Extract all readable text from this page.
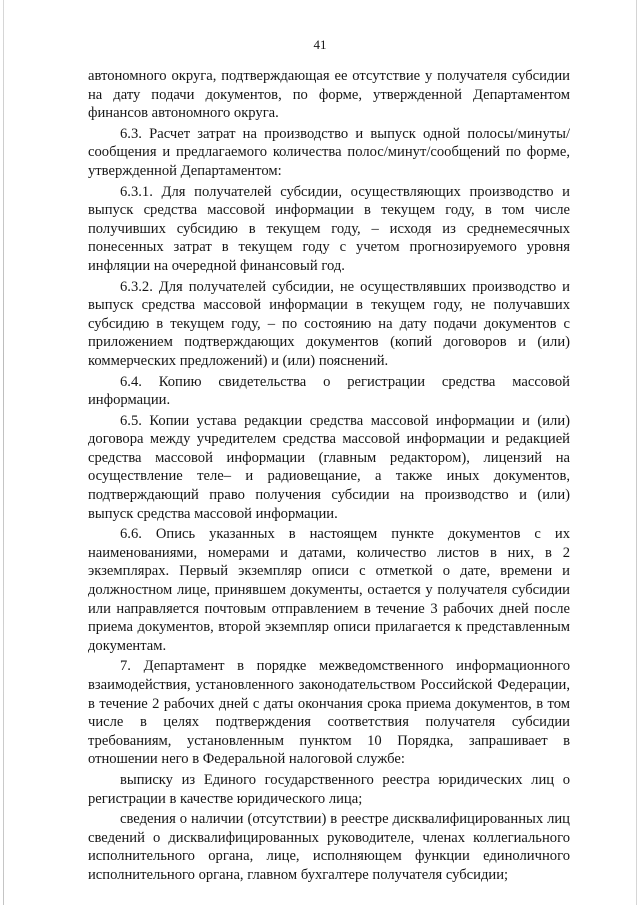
41

автономного округа, подтверждающая ее отсутствие у получателя субсидии на дату подачи документов, по форме, утвержденной Департаментом финансов автономного округа.

6.3. Расчет затрат на производство и выпуск одной полосы/минуты/сообщения и предлагаемого количества полос/минут/сообщений по форме, утвержденной Департаментом:

6.3.1. Для получателей субсидии, осуществляющих производство и выпуск средства массовой информации в текущем году, в том числе получивших субсидию в текущем году, – исходя из среднемесячных понесенных затрат в текущем году с учетом прогнозируемого уровня инфляции на очередной финансовый год.

6.3.2. Для получателей субсидии, не осуществлявших производство и выпуск средства массовой информации в текущем году, не получавших субсидию в текущем году, – по состоянию на дату подачи документов с приложением подтверждающих документов (копий договоров и (или) коммерческих предложений) и (или) пояснений.

6.4. Копию свидетельства о регистрации средства массовой информации.

6.5. Копии устава редакции средства массовой информации и (или) договора между учредителем средства массовой информации и редакцией средства массовой информации (главным редактором), лицензий на осуществление теле– и радиовещание, а также иных документов, подтверждающий право получения субсидии на производство и (или) выпуск средства массовой информации.

6.6. Опись указанных в настоящем пункте документов с их наименованиями, номерами и датами, количество листов в них, в 2 экземплярах. Первый экземпляр описи с отметкой о дате, времени и должностном лице, принявшем документы, остается у получателя субсидии или направляется почтовым отправлением в течение 3 рабочих дней после приема документов, второй экземпляр описи прилагается к представленным документам.

7. Департамент в порядке межведомственного информационного взаимодействия, установленного законодательством Российской Федерации, в течение 2 рабочих дней с даты окончания срока приема документов, в том числе в целях подтверждения соответствия получателя субсидии требованиям, установленным пунктом 10 Порядка, запрашивает в отношении него в Федеральной налоговой службе:

выписку из Единого государственного реестра юридических лиц о регистрации в качестве юридического лица;

сведения о наличии (отсутствии) в реестре дисквалифицированных лиц сведений о дисквалифицированных руководителе, членах коллегиального исполнительного органа, лице, исполняющем функции единоличного исполнительного органа, главном бухгалтере получателя субсидии;
